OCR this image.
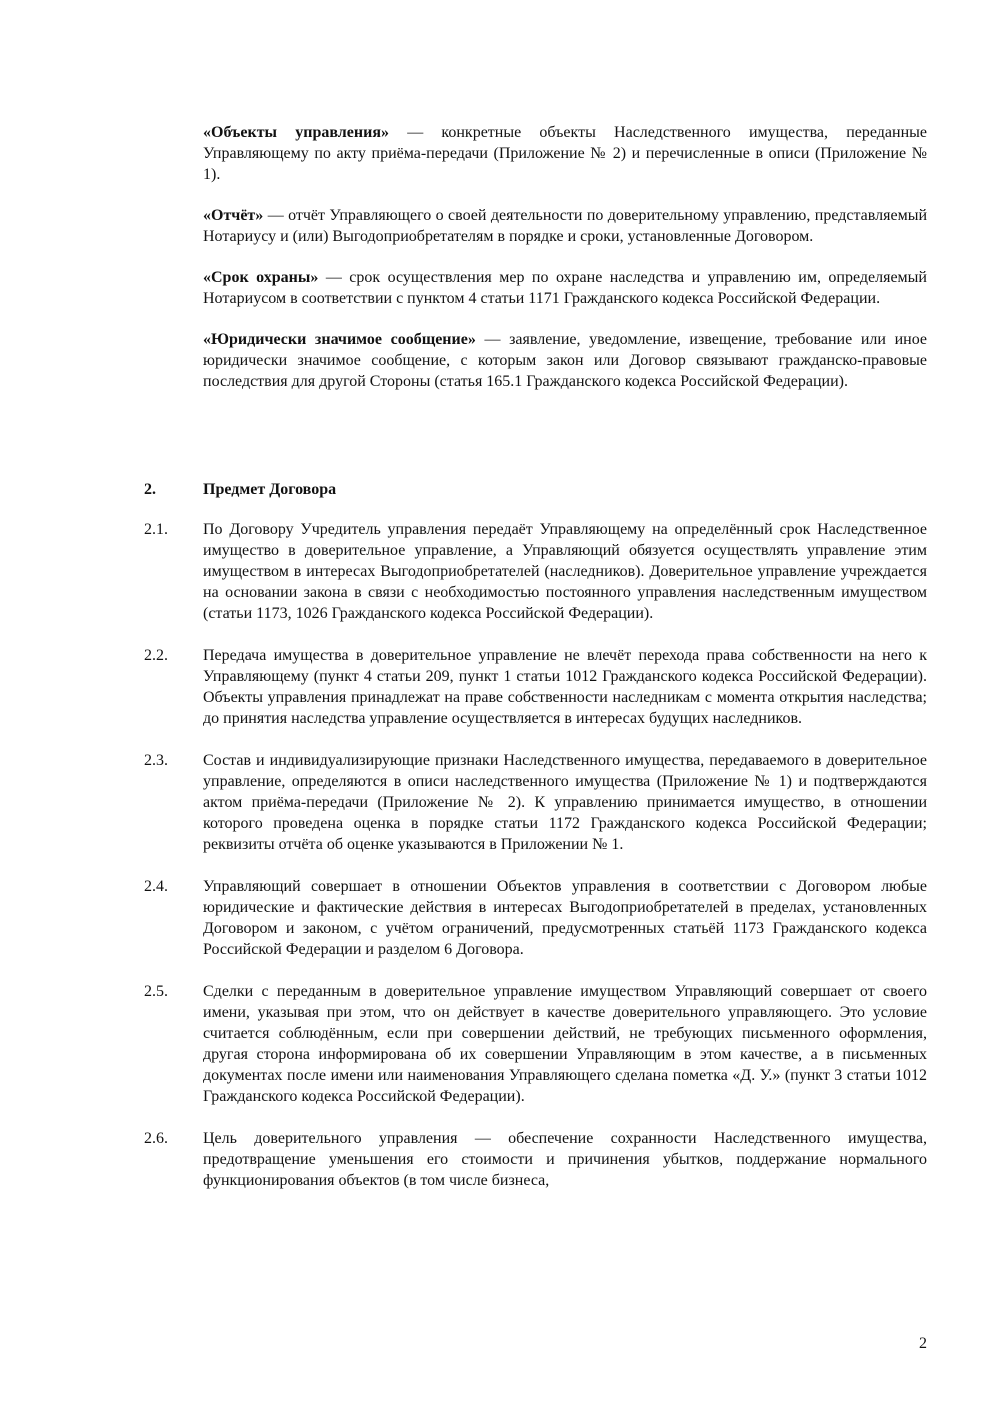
«Объекты управления» — конкретные объекты Наследственного имущества, переданные Управляющему по акту приёма-передачи (Приложение № 2) и перечисленные в описи (Приложение № 1).

«Отчёт» — отчёт Управляющего о своей деятельности по доверительному управлению, представляемый Нотариусу и (или) Выгодоприобретателям в порядке и сроки, установленные Договором.

«Срок охраны» — срок осуществления мер по охране наследства и управлению им, определяемый Нотариусом в соответствии с пунктом 4 статьи 1171 Гражданского кодекса Российской Федерации.

«Юридически значимое сообщение» — заявление, уведомление, извещение, требование или иное юридически значимое сообщение, с которым закон или Договор связывают гражданско-правовые последствия для другой Стороны (статья 165.1 Гражданского кодекса Российской Федерации).

2.	Предмет Договора
2.1.	По Договору Учредитель управления передаёт Управляющему на определённый срок Наследственное имущество в доверительное управление, а Управляющий обязуется осуществлять управление этим имуществом в интересах Выгодоприобретателей (наследников). Доверительное управление учреждается на основании закона в связи с необходимостью постоянного управления наследственным имуществом (статьи 1173, 1026 Гражданского кодекса Российской Федерации).
2.2.	Передача имущества в доверительное управление не влечёт перехода права собственности на него к Управляющему (пункт 4 статьи 209, пункт 1 статьи 1012 Гражданского кодекса Российской Федерации). Объекты управления принадлежат на праве собственности наследникам с момента открытия наследства; до принятия наследства управление осуществляется в интересах будущих наследников.
2.3.	Состав и индивидуализирующие признаки Наследственного имущества, передаваемого в доверительное управление, определяются в описи наследственного имущества (Приложение № 1) и подтверждаются актом приёма-передачи (Приложение № 2). К управлению принимается имущество, в отношении которого проведена оценка в порядке статьи 1172 Гражданского кодекса Российской Федерации; реквизиты отчёта об оценке указываются в Приложении № 1.
2.4.	Управляющий совершает в отношении Объектов управления в соответствии с Договором любые юридические и фактические действия в интересах Выгодоприобретателей в пределах, установленных Договором и законом, с учётом ограничений, предусмотренных статьёй 1173 Гражданского кодекса Российской Федерации и разделом 6 Договора.
2.5.	Сделки с переданным в доверительное управление имуществом Управляющий совершает от своего имени, указывая при этом, что он действует в качестве доверительного управляющего. Это условие считается соблюдённым, если при совершении действий, не требующих письменного оформления, другая сторона информирована об их совершении Управляющим в этом качестве, а в письменных документах после имени или наименования Управляющего сделана пометка «Д. У.» (пункт 3 статьи 1012 Гражданского кодекса Российской Федерации).
2.6.	Цель доверительного управления — обеспечение сохранности Наследственного имущества, предотвращение уменьшения его стоимости и причинения убытков, поддержание нормального функционирования объектов (в том числе бизнеса,
2
